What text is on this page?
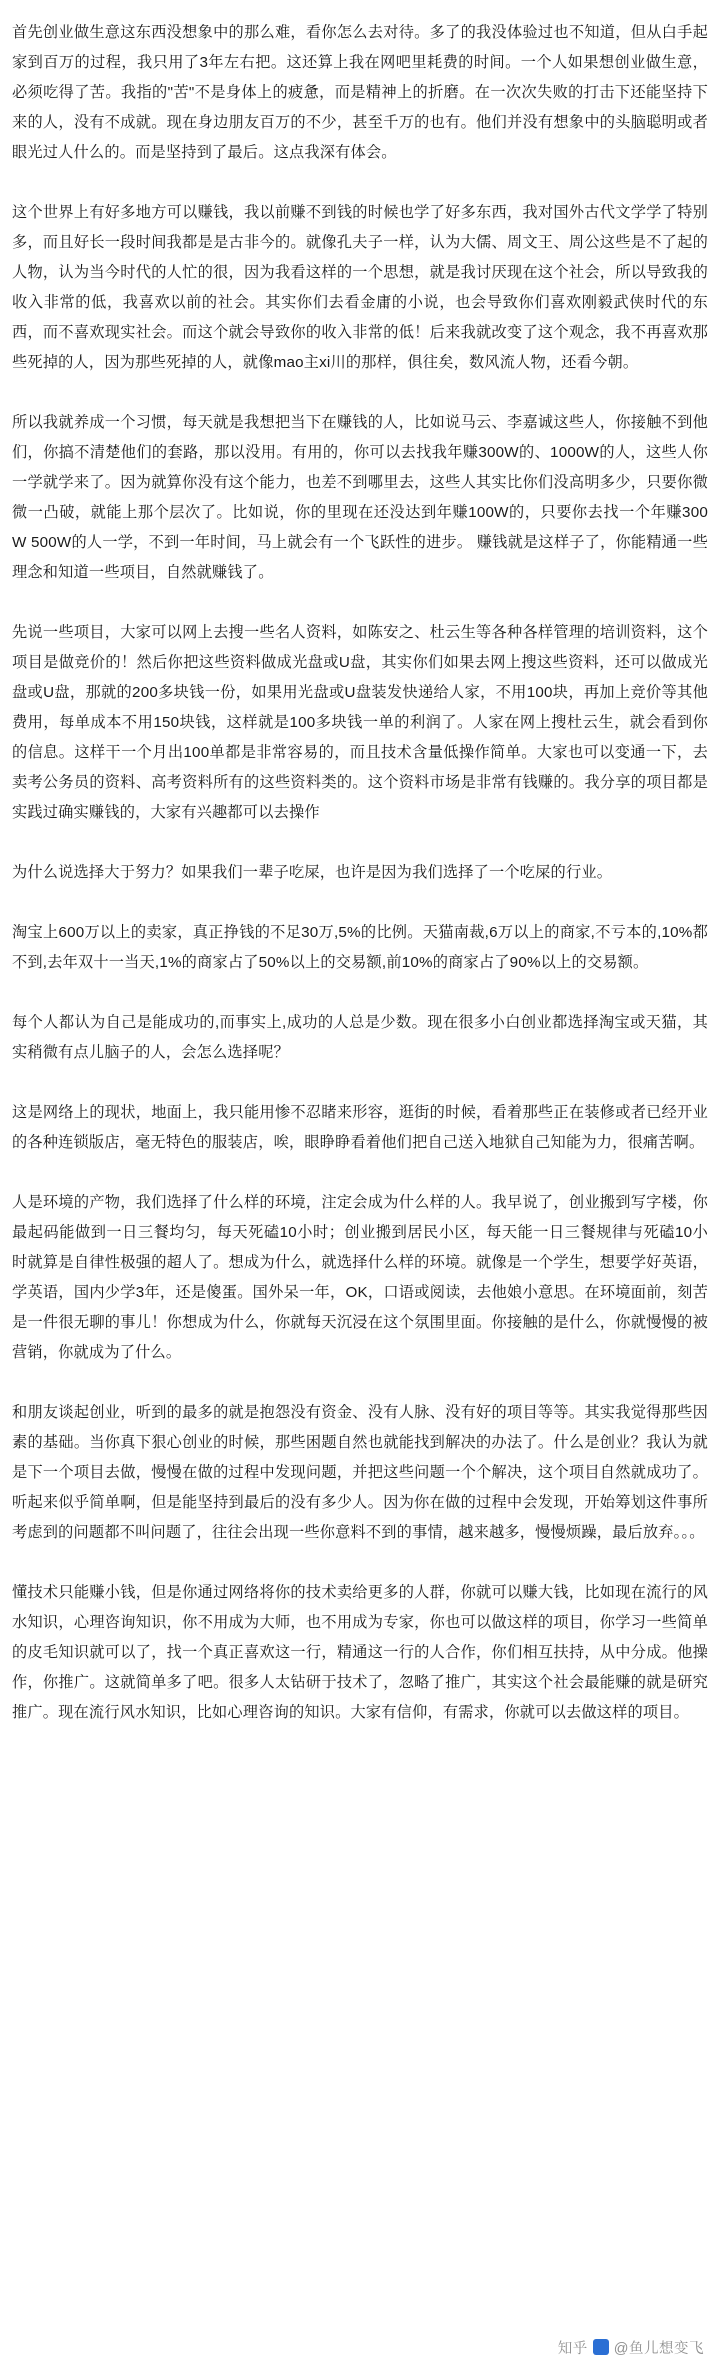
首先创业做生意这东西没想象中的那么难，看你怎么去对待。多了的我没体验过也不知道，但从白手起家到百万的过程，我只用了3年左右把。这还算上我在网吧里耗费的时间。一个人如果想创业做生意，必须吃得了苦。我指的"苦"不是身体上的疲惫，而是精神上的折磨。在一次次失败的打击下还能坚持下来的人，没有不成就。现在身边朋友百万的不少，甚至千万的也有。他们并没有想象中的头脑聪明或者眼光过人什么的。而是坚持到了最后。这点我深有体会。

这个世界上有好多地方可以赚钱，我以前赚不到钱的时候也学了好多东西，我对国外古代文学学了特别多，而且好长一段时间我都是是古非今的。就像孔夫子一样，认为大儒、周文王、周公这些是不了起的人物，认为当今时代的人忙的很，因为我看这样的一个思想，就是我讨厌现在这个社会，所以导致我的收入非常的低，我喜欢以前的社会。其实你们去看金庸的小说，也会导致你们喜欢刚毅武侠时代的东西，而不喜欢现实社会。而这个就会导致你的收入非常的低！后来我就改变了这个观念，我不再喜欢那些死掉的人，因为那些死掉的人，就像mao主xi川的那样，俱往矣，数风流人物，还看今朝。

所以我就养成一个习惯，每天就是我想把当下在赚钱的人，比如说马云、李嘉诚这些人，你接触不到他们，你搞不清楚他们的套路，那以没用。有用的，你可以去找我年赚300W的、1000W的人，这些人你一学就学来了。因为就算你没有这个能力，也差不到哪里去，这些人其实比你们没高明多少，只要你微微一凸破，就能上那个层次了。比如说，你的里现在还没达到年赚100W的，只要你去找一个年赚300W 500W的人一学，不到一年时间，马上就会有一个飞跃性的进步。 赚钱就是这样子了，你能精通一些理念和知道一些项目，自然就赚钱了。

先说一些项目，大家可以网上去搜一些名人资料，如陈安之、杜云生等各种各样管理的培训资料，这个项目是做竞价的！然后你把这些资料做成光盘或U盘，其实你们如果去网上搜这些资料，还可以做成光盘或U盘，那就的200多块钱一份，如果用光盘或U盘装发快递给人家，不用100块，再加上竞价等其他费用，每单成本不用150块钱，这样就是100多块钱一单的利润了。人家在网上搜杜云生，就会看到你的信息。这样干一个月出100单都是非常容易的，而且技术含量低操作简单。大家也可以变通一下，去卖考公务员的资料、高考资料所有的这些资料类的。这个资料市场是非常有钱赚的。我分享的项目都是实践过确实赚钱的，大家有兴趣都可以去操作

为什么说选择大于努力？如果我们一辈子吃屎，也许是因为我们选择了一个吃屎的行业。

淘宝上600万以上的卖家，真正挣钱的不足30万,5%的比例。天猫南裁,6万以上的商家,不亏本的,10%都不到,去年双十一当天,1%的商家占了50%以上的交易额,前10%的商家占了90%以上的交易额。

每个人都认为自己是能成功的,而事实上,成功的人总是少数。现在很多小白创业都选择淘宝或天猫，其实稍微有点儿脑子的人，会怎么选择呢？

这是网络上的现状，地面上，我只能用惨不忍睹来形容，逛街的时候，看着那些正在装修或者已经开业的各种连锁版店，毫无特色的服装店，唉，眼睁睁看着他们把自己送入地狱自己知能为力，很痛苦啊。

人是环境的产物，我们选择了什么样的环境，注定会成为什么样的人。我早说了，创业搬到写字楼，你最起码能做到一日三餐均匀，每天死磕10小时；创业搬到居民小区，每天能一日三餐规律与死磕10小时就算是自律性极强的超人了。想成为什么，就选择什么样的环境。就像是一个学生，想要学好英语，学英语，国内少学3年，还是傻蛋。国外呆一年，OK，口语或阅读，去他娘小意思。在环境面前，刻苦是一件很无聊的事儿！你想成为什么，你就每天沉浸在这个氛围里面。你接触的是什么，你就慢慢的被营销，你就成为了什么。

和朋友谈起创业，听到的最多的就是抱怨没有资金、没有人脉、没有好的项目等等。其实我觉得那些因素的基础。当你真下狠心创业的时候，那些困题自然也就能找到解决的办法了。什么是创业？我认为就是下一个项目去做，慢慢在做的过程中发现问题，并把这些问题一个个解决，这个项目自然就成功了。听起来似乎简单啊，但是能坚持到最后的没有多少人。因为你在做的过程中会发现，开始筹划这件事所考虑到的问题都不叫问题了，往往会出现一些你意料不到的事情，越来越多，慢慢烦躁，最后放弃。。。

懂技术只能赚小钱，但是你通过网络将你的技术卖给更多的人群，你就可以赚大钱，比如现在流行的风水知识，心理咨询知识，你不用成为大师，也不用成为专家，你也可以做这样的项目，你学习一些简单的皮毛知识就可以了，找一个真正喜欢这一行，精通这一行的人合作，你们相互扶持，从中分成。他操作，你推广。这就简单多了吧。很多人太钻研于技术了，忽略了推广，其实这个社会最能赚的就是研究推广。现在流行风水知识，比如心理咨询的知识。大家有信仰，有需求，你就可以去做这样的项目。

知乎 @鱼儿想变飞
